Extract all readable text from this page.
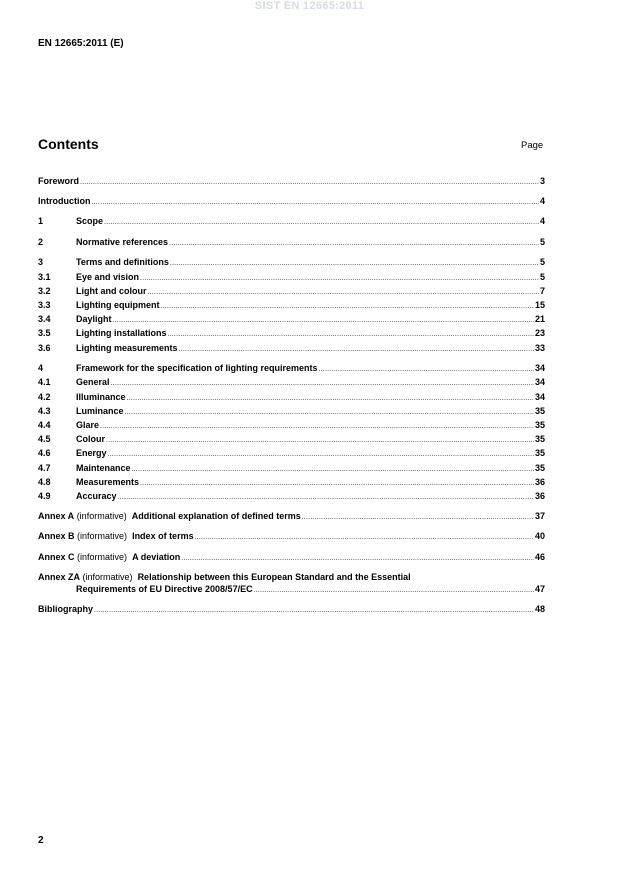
SIST EN 12665:2011
EN 12665:2011 (E)
Contents	Page
Foreword .....	3
Introduction .....	4
1	Scope .....	4
2	Normative references .....	5
3	Terms and definitions .....	5
3.1	Eye and vision .....	5
3.2	Light and colour .....	7
3.3	Lighting equipment .....	15
3.4	Daylight .....	21
3.5	Lighting installations .....	23
3.6	Lighting measurements .....	33
4	Framework for the specification of lighting requirements .....	34
4.1	General .....	34
4.2	Illuminance .....	34
4.3	Luminance .....	35
4.4	Glare .....	35
4.5	Colour .....	35
4.6	Energy .....	35
4.7	Maintenance .....	35
4.8	Measurements .....	36
4.9	Accuracy .....	36
Annex A (informative) Additional explanation of defined terms .....	37
Annex B (informative) Index of terms .....	40
Annex C (informative) A deviation .....	46
Annex ZA (informative) Relationship between this European Standard and the Essential
Requirements of EU Directive 2008/57/EC .....	47
Bibliography .....	48
2
